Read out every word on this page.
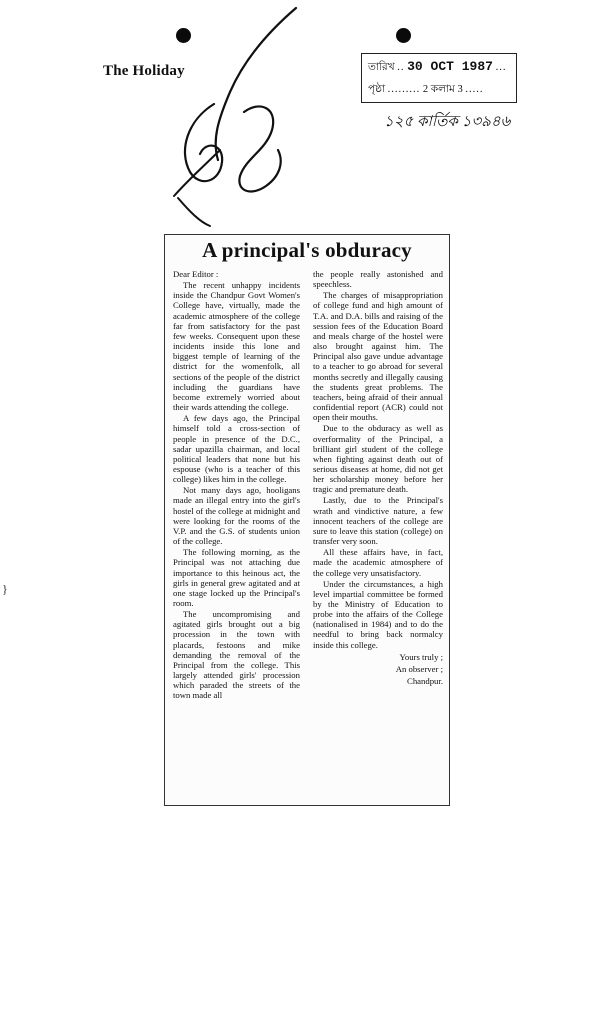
The Holiday	তারিখ .. 30 OCT 1987 ...
পৃষ্ঠা ......... 2 কলাম 3 .....
১২৫ কার্তিক ১৩৯৪৬
A principal's obduracy

Dear Editor :

The recent unhappy incidents inside the Chandpur Govt Women's College have, virtually, made the academic atmosphere of the college far from satisfactory for the past few weeks. Consequent upon these incidents inside this lone and biggest temple of learning of the district for the womenfolk, all sections of the people of the district including the guardians have become extremely worried about their wards attending the college.

A few days ago, the Principal himself told a cross-section of people in presence of the D.C., sadar upazilla chairman, and local political leaders that none but his espouse (who is a teacher of this college) likes him in the college.

Not many days ago, hooligans made an illegal entry into the girl's hostel of the college at midnight and were looking for the rooms of the V.P. and the G.S. of students union of the college.

The following morning, as the Principal was not attaching due importance to this heinous act, the girls in general grew agitated and at one stage locked up the Principal's room.

The uncompromising and agitated girls brought out a big procession in the town with placards, festoons and mike demanding the removal of the Principal from the college. This largely attended girls' procession which paraded the streets of the town made all

the people really astonished and speechless.

The charges of misappropriation of college fund and high amount of T.A. and D.A. bills and raising of the session fees of the Education Board and meals charge of the hostel were also brought against him. The Principal also gave undue advantage to a teacher to go abroad for several months secretly and illegally causing the students great problems. The teachers, being afraid of their annual confidential report (ACR) could not open their mouths.

Due to the obduracy as well as overformality of the Principal, a brilliant girl student of the college when fighting against death out of serious diseases at home, did not get her scholarship money before her tragic and premature death.

Lastly, due to the Principal's wrath and vindictive nature, a few innocent teachers of the college are sure to leave this station (college) on transfer very soon.

All these affairs have, in fact, made the academic atmosphere of the college very unsatisfactory.

Under the circumstances, a high level impartial committee be formed by the Ministry of Education to probe into the affairs of the College (nationalised in 1984) and to do the needful to bring back normalcy inside this college.

Yours truly ;
An observer ;
Chandpur.
}
